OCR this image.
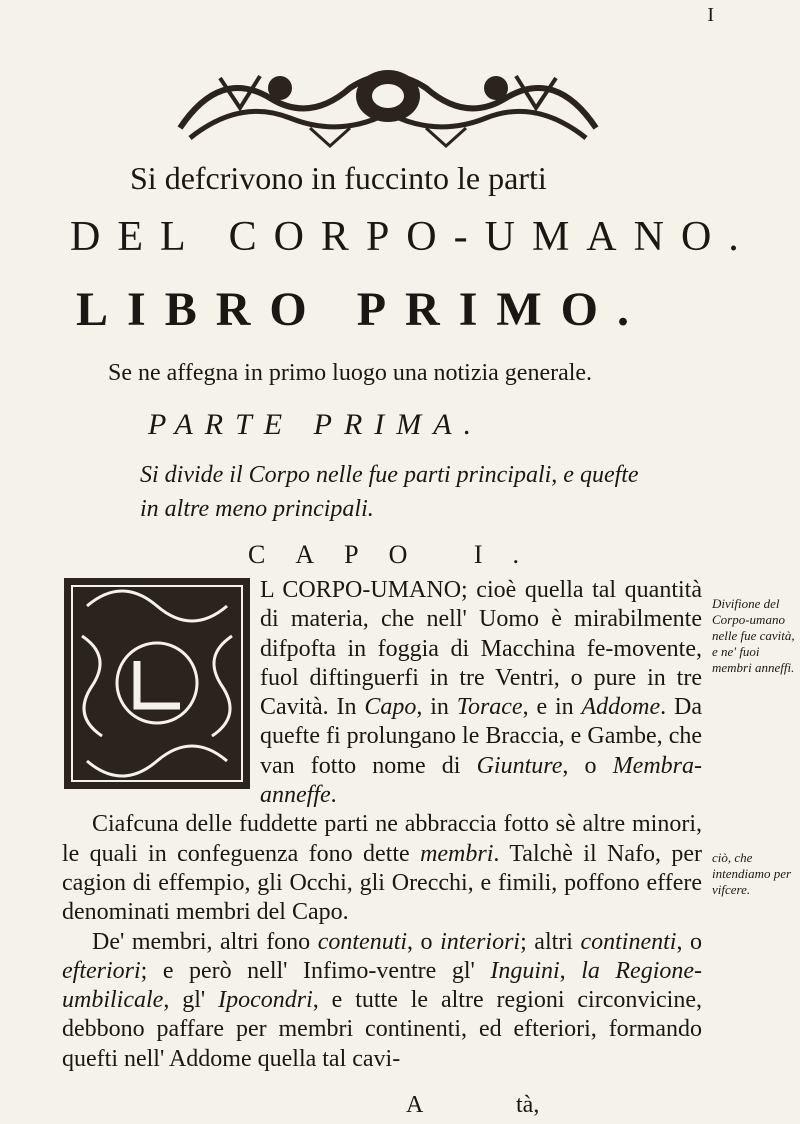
I
Si defcrivono in fuccinto le parti
DEL CORPO-UMANO.
LIBRO PRIMO.
Se ne affegna in primo luogo una notizia generale.
PARTE PRIMA.
Si divide il Corpo nelle fue parti principali, e quefte in altre meno principali.
CAPO I.

L CORPO-UMANO; cioè quella tal quantità di materia, che nell' Uomo è mirabilmente difpofta in foggia di Macchina fe-movente, fuol diftinguerfi in tre Ventri, o pure in tre Cavità. In Capo, in Torace, e in Addome. Da quefte fi prolungano le Braccia, e Gambe, che van fotto nome di Giunture, o Membra-anneffe.

Ciafcuna delle fuddette parti ne abbraccia fotto sè altre minori, le quali in confeguenza fono dette membri. Talchè il Nafo, per cagion di effempio, gli Occhi, gli Orecchi, e fimili, poffono effere denominati membri del Capo.

De' membri, altri fono contenuti, o interiori; altri continenti, o efteriori; e però nell' Infimo-ventre gl' Inguini, la Regione-umbilicale, gl' Ipocondri, e tutte le altre regioni circonvicine, debbono paffare per membri continenti, ed efteriori, formando quefti nell' Addome quella tal cavi-

Divifione del Corpo-umano nelle fue cavità, e ne' fuoi membri anneffi.
ciò, che intendiamo per vifcere.
A	tà,
